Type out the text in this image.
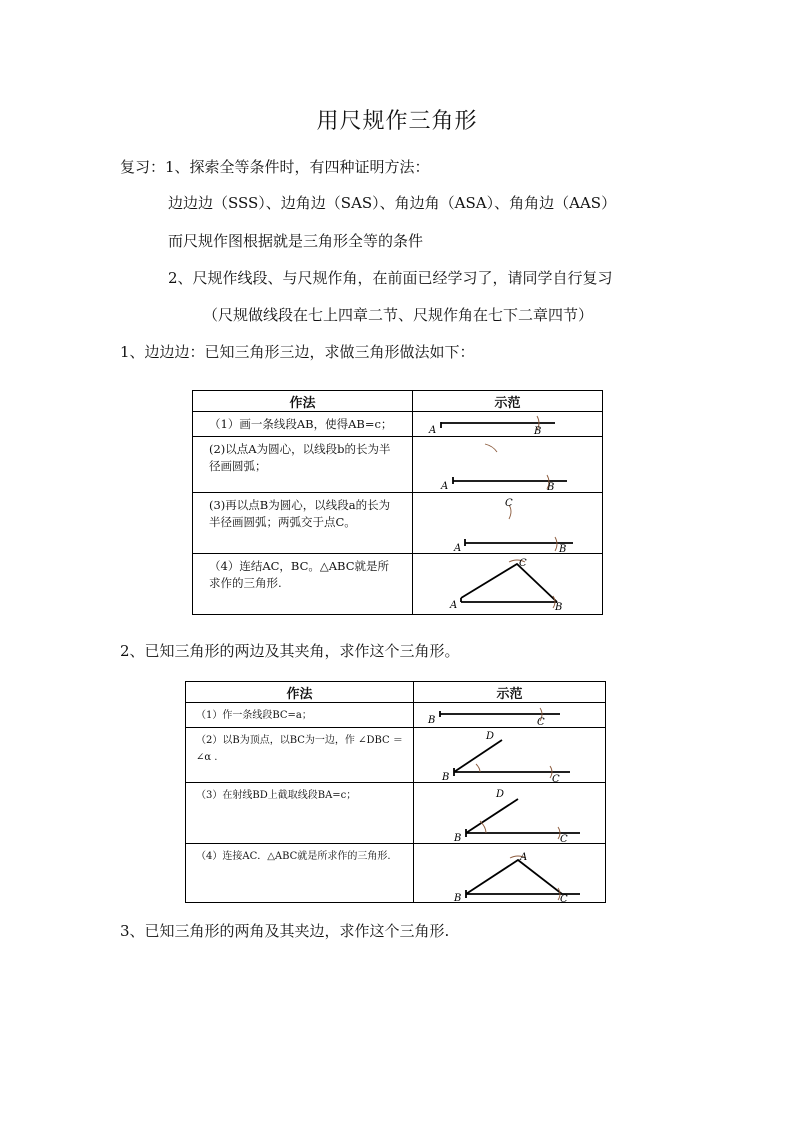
用尺规作三角形
复习：1、探索全等条件时，有四种证明方法：
边边边（SSS）、边角边（SAS）、角边角（ASA）、角角边（AAS）
而尺规作图根据就是三角形全等的条件
2、尺规作线段、与尺规作角，在前面已经学习了，请同学自行复习
（尺规做线段在七上四章二节、尺规作角在七下二章四节）
1、边边边：已知三角形三边，求做三角形做法如下：
作法	示范
（1）画一条线段AB，使得AB=c；	A B

(2)以点A为圆心，以线段b的长为半径画圆弧；	A B

(3)再以点B为圆心，以线段a的长为半径画圆弧；两弧交于点C。	C
A B

（4）连结AC，BC。△ABC就是所求作的三角形.	C
A B
2、已知三角形的两边及其夹角，求作这个三角形。
作法	示范
（1）作一条线段BC=a；	B C

（2）以B为顶点，以BC为一边，作 ∠DBC ＝∠α .	D
B C

（3）在射线BD上截取线段BA=c；	D
B C

（4）连接AC．△ABC就是所求作的三角形.	A
B C
3、已知三角形的两角及其夹边，求作这个三角形.
